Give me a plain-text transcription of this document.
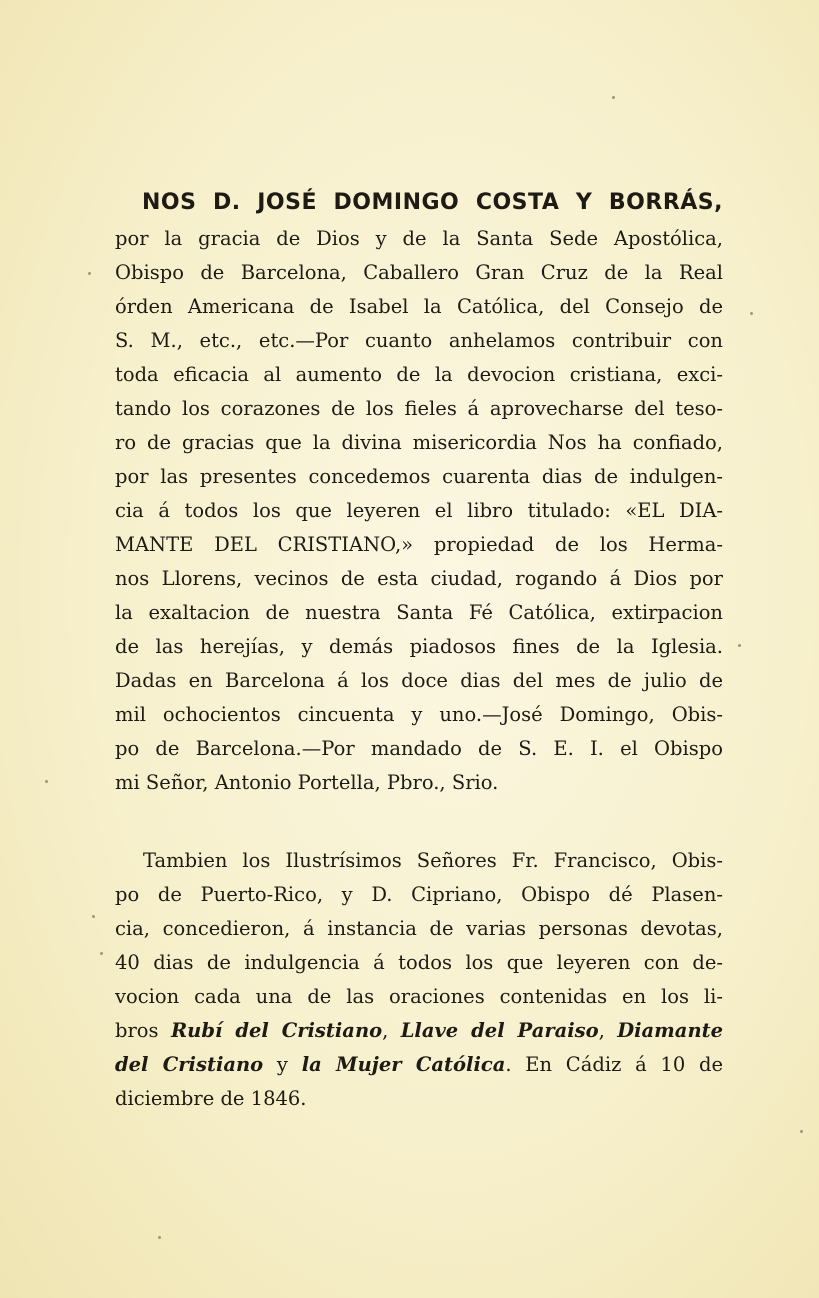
NOS D. JOSÉ DOMINGO COSTA Y BORRÁS,
por la gracia de Dios y de la Santa Sede Apostólica,
Obispo de Barcelona, Caballero Gran Cruz de la Real
órden Americana de Isabel la Católica, del Consejo de
S. M., etc., etc.—Por cuanto anhelamos contribuir con
toda eficacia al aumento de la devocion cristiana, exci-
tando los corazones de los fieles á aprovecharse del teso-
ro de gracias que la divina misericordia Nos ha confiado,
por las presentes concedemos cuarenta dias de indulgen-
cia á todos los que leyeren el libro titulado: «EL DIA-
MANTE DEL CRISTIANO,» propiedad de los Herma-
nos Llorens, vecinos de esta ciudad, rogando á Dios por
la exaltacion de nuestra Santa Fé Católica, extirpacion
de las herejías, y demás piadosos fines de la Iglesia.
Dadas en Barcelona á los doce dias del mes de julio de
mil ochocientos cincuenta y uno.—José Domingo, Obis-
po de Barcelona.—Por mandado de S. E. I. el Obispo
mi Señor, Antonio Portella, Pbro., Srio.
Tambien los Ilustrísimos Señores Fr. Francisco, Obis-
po de Puerto-Rico, y D. Cipriano, Obispo dé Plasen-
cia, concedieron, á instancia de varias personas devotas,
40 dias de indulgencia á todos los que leyeren con de-
vocion cada una de las oraciones contenidas en los li-
bros Rubí del Cristiano, Llave del Paraiso, Diamante
del Cristiano y la Mujer Católica. En Cádiz á 10 de
diciembre de 1846.
